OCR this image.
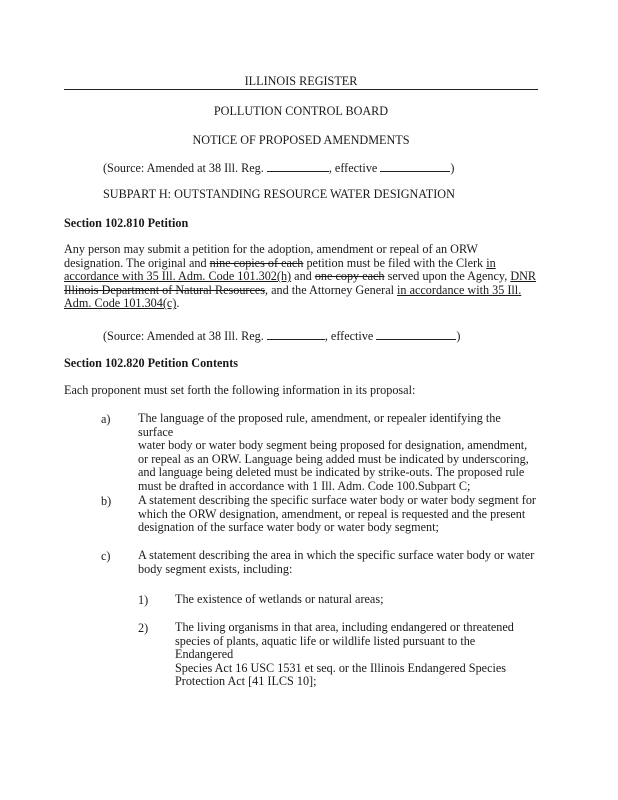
ILLINOIS REGISTER
POLLUTION CONTROL BOARD
NOTICE OF PROPOSED AMENDMENTS
(Source: Amended at 38 Ill. Reg.	, effective	)
SUBPART H: OUTSTANDING RESOURCE WATER DESIGNATION
Section 102.810 Petition
Any person may submit a petition for the adoption, amendment or repeal of an ORW
designation. The original and nine copies of each petition must be filed with the Clerk in
accordance with 35 Ill. Adm. Code 101.302(h) and one copy each served upon the Agency, DNR
Illinois Department of Natural Resources, and the Attorney General in accordance with 35 Ill.
Adm. Code 101.304(c).
(Source: Amended at 38 Ill. Reg.	, effective	)
Section 102.820 Petition Contents
Each proponent must set forth the following information in its proposal:
a) The language of the proposed rule, amendment, or repealer identifying the surface
water body or water body segment being proposed for designation, amendment,
or repeal as an ORW. Language being added must be indicated by underscoring,
and language being deleted must be indicated by strike-outs. The proposed rule
must be drafted in accordance with 1 Ill. Adm. Code 100.Subpart C;
b) A statement describing the specific surface water body or water body segment for
which the ORW designation, amendment, or repeal is requested and the present
designation of the surface water body or water body segment;
c) A statement describing the area in which the specific surface water body or water
body segment exists, including:
1) The existence of wetlands or natural areas;
2) The living organisms in that area, including endangered or threatened
species of plants, aquatic life or wildlife listed pursuant to the Endangered
Species Act 16 USC 1531 et seq. or the Illinois Endangered Species
Protection Act [41 ILCS 10];
